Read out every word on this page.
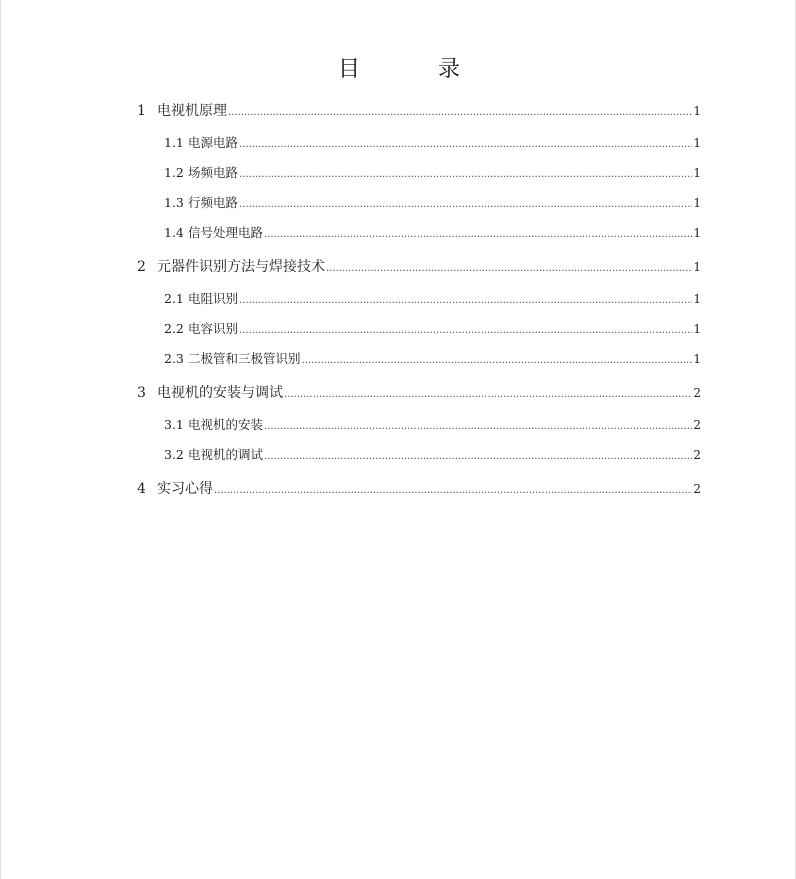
目　录
1 电视机原理 .....	1
1.1 电源电路 .....	1
1.2 场频电路 .....	1
1.3 行频电路 .....	1
1.4 信号处理电路 .....	1
2 元器件识别方法与焊接技术 .....	1
2.1 电阻识别 .....	1
2.2 电容识别 .....	1
2.3 二极管和三极管识别 .....	1
3 电视机的安装与调试 .....	2
3.1 电视机的安装 .....	2
3.2 电视机的调试 .....	2
4 实习心得 .....	2
